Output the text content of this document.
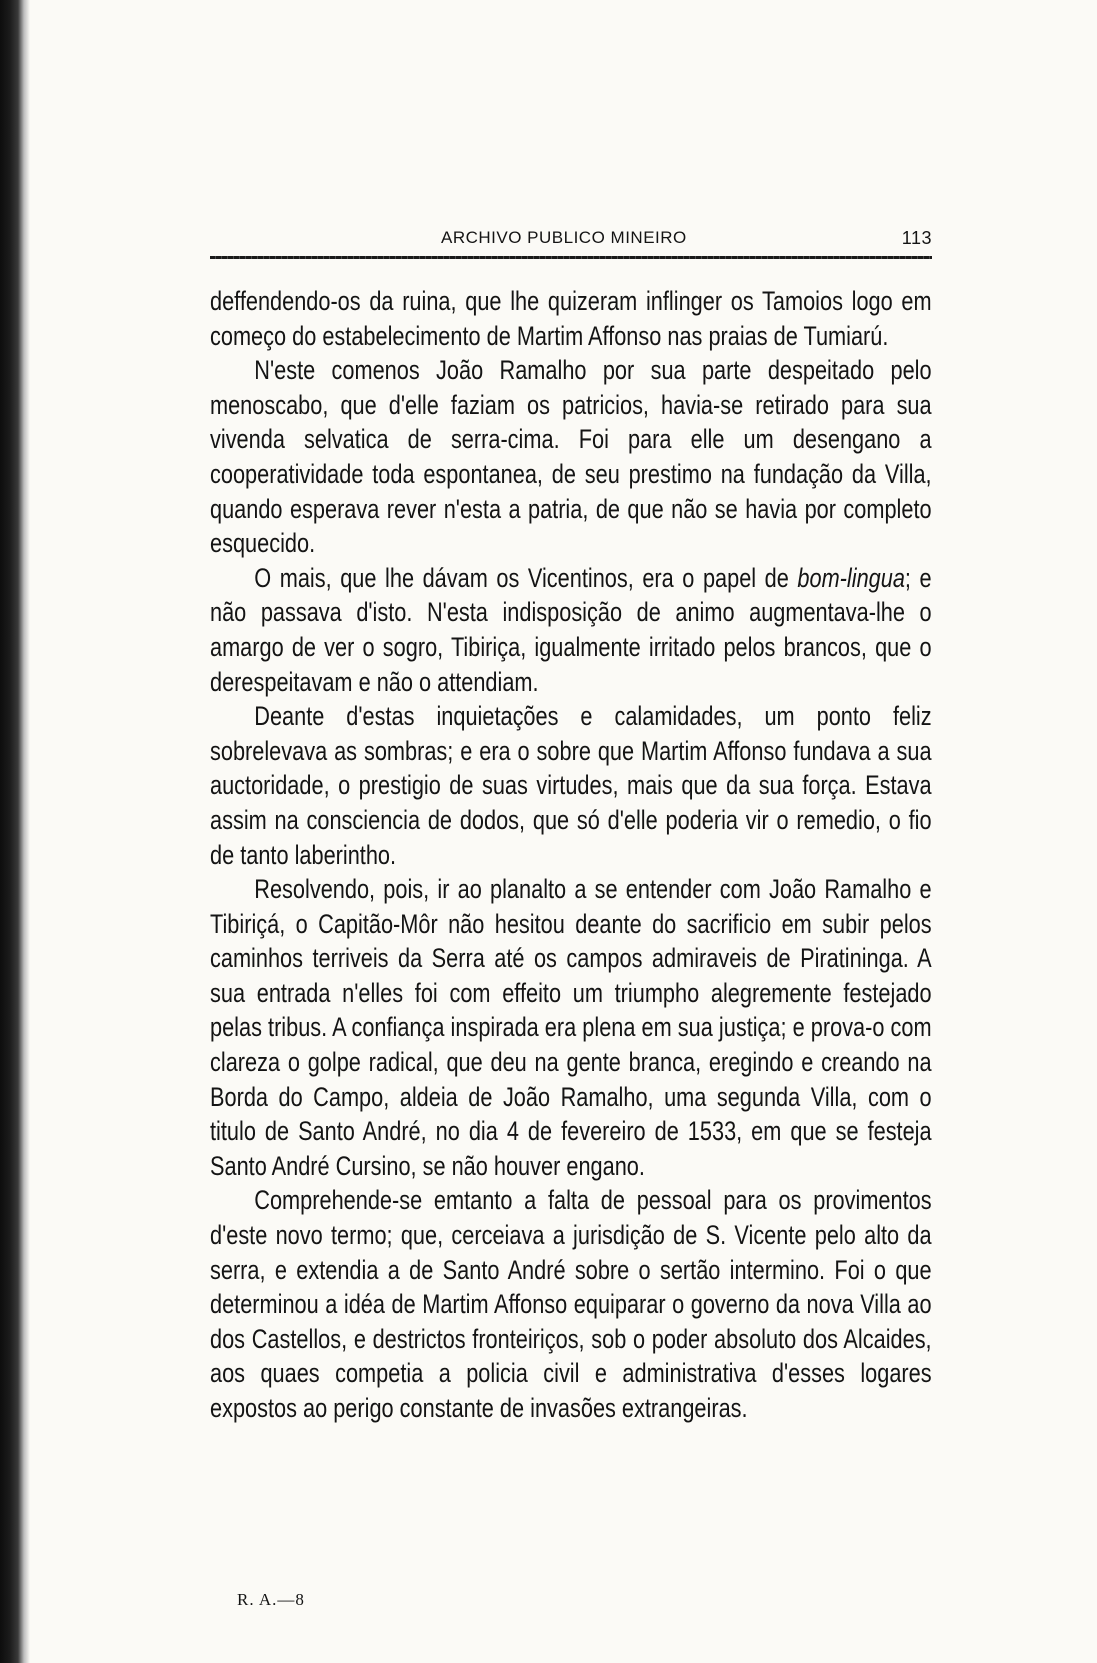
ARCHIVO PUBLICO MINEIRO	113

deffendendo-os da ruina, que lhe quizeram inflinger os Tamoios logo em começo do estabelecimento de Martim Affonso nas praias de Tumiarú.

N'este comenos João Ramalho por sua parte despeitado pelo menoscabo, que d'elle faziam os patricios, havia-se retirado para sua vivenda selvatica de serra-cima. Foi para elle um desengano a cooperatividade toda espontanea, de seu prestimo na fundação da Villa, quando esperava rever n'esta a patria, de que não se havia por completo esquecido.

O mais, que lhe dávam os Vicentinos, era o papel de bom-lingua; e não passava d'isto. N'esta indisposição de animo augmentava-lhe o amargo de ver o sogro, Tibiriça, igualmente irritado pelos brancos, que o derespeitavam e não o attendiam.

Deante d'estas inquietações e calamidades, um ponto feliz sobrelevava as sombras; e era o sobre que Martim Affonso fundava a sua auctoridade, o prestigio de suas virtudes, mais que da sua força. Estava assim na consciencia de dodos, que só d'elle poderia vir o remedio, o fio de tanto laberintho.

Resolvendo, pois, ir ao planalto a se entender com João Ramalho e Tibiriçá, o Capitão-Môr não hesitou deante do sacrificio em subir pelos caminhos terriveis da Serra até os campos admiraveis de Piratininga. A sua entrada n'elles foi com effeito um triumpho alegremente festejado pelas tribus. A confiança inspirada era plena em sua justiça; e prova-o com clareza o golpe radical, que deu na gente branca, eregindo e creando na Borda do Campo, aldeia de João Ramalho, uma segunda Villa, com o titulo de Santo André, no dia 4 de fevereiro de 1533, em que se festeja Santo André Cursino, se não houver engano.

Comprehende-se emtanto a falta de pessoal para os provimentos d'este novo termo; que, cerceiava a jurisdição de S. Vicente pelo alto da serra, e extendia a de Santo André sobre o sertão intermino. Foi o que determinou a idéa de Martim Affonso equiparar o governo da nova Villa ao dos Castellos, e destrictos fronteiriços, sob o poder absoluto dos Alcaides, aos quaes competia a policia civil e administrativa d'esses logares expostos ao perigo constante de invasões extrangeiras.

R. A.—8
